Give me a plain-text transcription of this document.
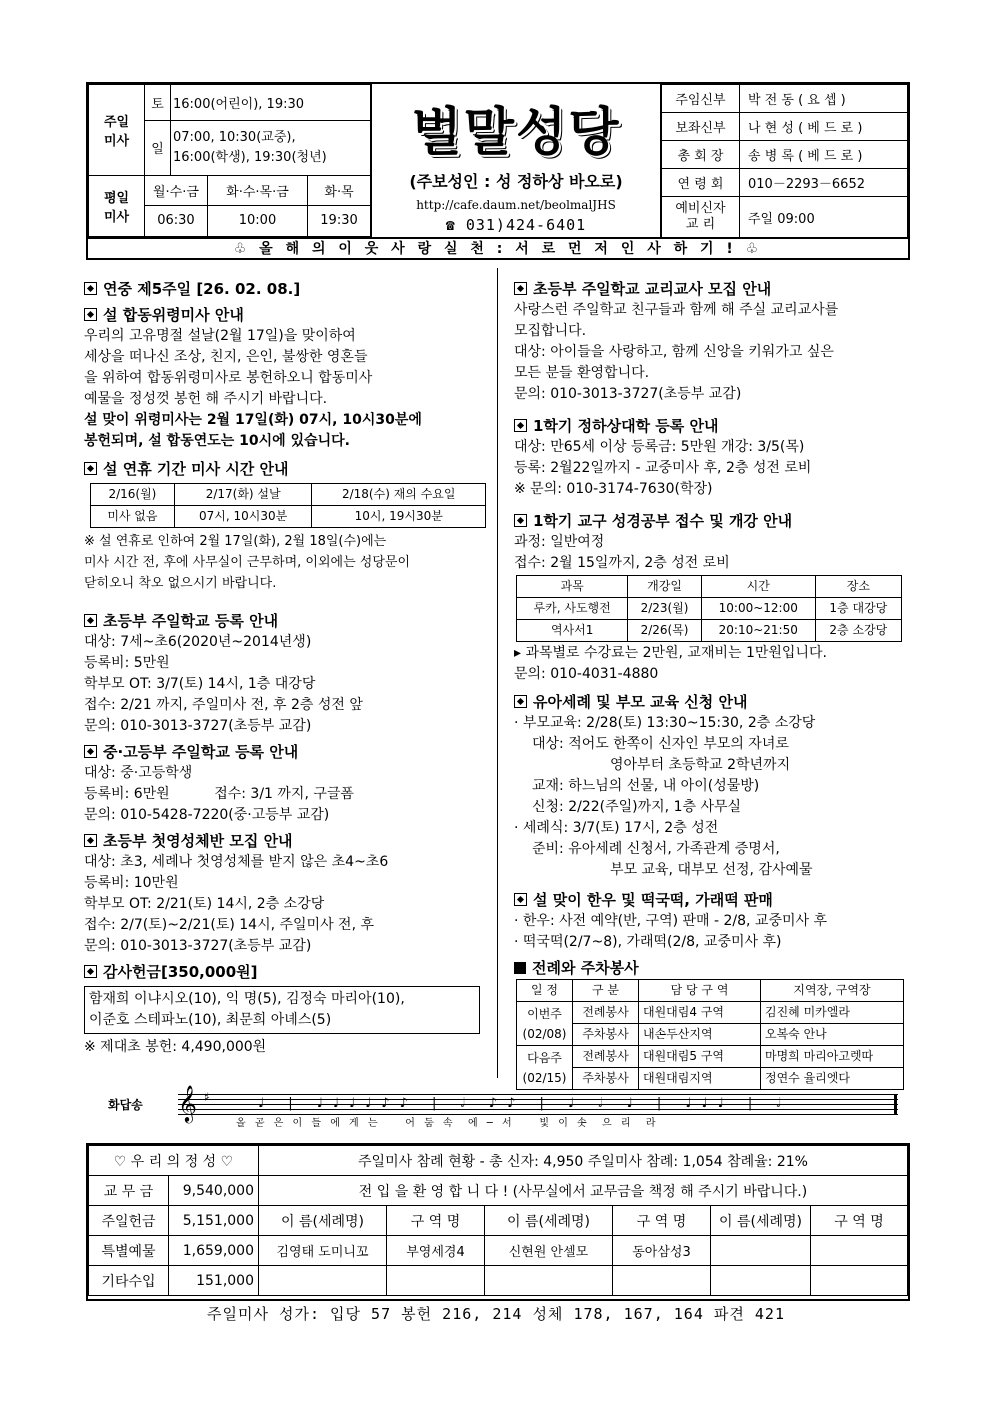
주일
미사	토	16:00(어린이), 19:30		
	일	07:00, 10:30(교중),
16:00(학생), 19:30(청년)		

평일
미사	월·수·금		화·수·목·금	화·목
	06:30		10:00	19:30
벌말성당
(주보성인 : 성 정하상 바오로)
http://cafe.daum.net/beolmalJHS
☎ 031)424-6401
주임신부	박 전 동 ( 요 셉 )
보좌신부	나 현 성 ( 베 드 로 )
총 회 장	송 병 록 ( 베 드 로 )
연 령 회	010－2293－6652
예비신자
교 리	주일 09:00
♧ 올 해 의 이 웃 사 랑 실 천 : 서 로 먼 저 인 사 하 기 ! ♧
연중 제5주일 [26. 02. 08.]
설 합동위령미사 안내
우리의 고유명절 설날(2월 17일)을 맞이하여
세상을 떠나신 조상, 친지, 은인, 불쌍한 영혼들
을 위하여 합동위령미사로 봉헌하오니 합동미사
예물을 정성껏 봉헌 해 주시기 바랍니다.
설 맞이 위령미사는 2월 17일(화) 07시, 10시30분에
봉헌되며, 설 합동연도는 10시에 있습니다.
설 연휴 기간 미사 시간 안내
2/16(월)	2/17(화) 설날	2/18(수) 재의 수요일
미사 없음	07시, 10시30분	10시, 19시30분
※ 설 연휴로 인하여 2월 17일(화), 2월 18일(수)에는
미사 시간 전, 후에 사무실이 근무하며, 이외에는 성당문이
닫히오니 착오 없으시기 바랍니다.
초등부 주일학교 등록 안내
대상: 7세~초6(2020년~2014년생)
등록비: 5만원
학부모 OT: 3/7(토) 14시, 1층 대강당
접수: 2/21 까지, 주일미사 전, 후 2층 성전 앞
문의: 010-3013-3727(초등부 교감)
중·고등부 주일학교 등록 안내
대상: 중·고등학생
등록비: 6만원          접수: 3/1 까지, 구글폼
문의: 010-5428-7220(중·고등부 교감)
초등부 첫영성체반 모집 안내
대상: 초3, 세례나 첫영성체를 받지 않은 초4~초6
등록비: 10만원
학부모 OT: 2/21(토) 14시, 2층 소강당
접수: 2/7(토)~2/21(토) 14시, 주일미사 전, 후
문의: 010-3013-3727(초등부 교감)
감사헌금[350,000원]
함재희 이냐시오(10), 익 명(5), 김정숙 마리아(10),
이준호 스테파노(10), 최문희 아녜스(5)
※ 제대초 봉헌: 4,490,000원
초등부 주일학교 교리교사 모집 안내
사랑스런 주일학교 친구들과 함께 해 주실 교리교사를
모집합니다.
대상: 아이들을 사랑하고, 함께 신앙을 키워가고 싶은
모든 분들 환영합니다.
문의: 010-3013-3727(초등부 교감)
1학기 정하상대학 등록 안내
대상: 만65세 이상 등록금: 5만원 개강: 3/5(목)
등록: 2월22일까지 - 교중미사 후, 2층 성전 로비
※ 문의: 010-3174-7630(학장)
1학기 교구 성경공부 접수 및 개강 안내
과정: 일반여정
접수: 2월 15일까지, 2층 성전 로비
과목	개강일	시간	장소
루카, 사도행전	2/23(월)	10:00~12:00	1층 대강당
역사서1	2/26(목)	20:10~21:50	2층 소강당
▸ 과목별로 수강료는 2만원, 교재비는 1만원입니다.
문의: 010-4031-4880
유아세례 및 부모 교육 신청 안내
· 부모교육: 2/28(토) 13:30~15:30, 2층 소강당
대상: 적어도 한쪽이 신자인 부모의 자녀로
영아부터 초등학교 2학년까지
교재: 하느님의 선물, 내 아이(성물방)
신청: 2/22(주일)까지, 1층 사무실
· 세례식: 3/7(토) 17시, 2층 성전
준비: 유아세례 신청서, 가족관계 증명서,
부모 교육, 대부모 선정, 감사예물
설 맞이 한우 및 떡국떡, 가래떡 판매
· 한우: 사전 예약(반, 구역) 판매 - 2/8, 교중미사 후
· 떡국떡(2/7~8), 가래떡(2/8, 교중미사 후)
전례와 주차봉사
일 정	구 분	담 당 구 역	지역장, 구역장
이번주
(02/08)	전례봉사	대원대림4 구역	김진혜 미카엘라
	주차봉사	내손두산지역	오복숙 안나
다음주
(02/15)	전례봉사	대원대림5 구역	마명희 마리아고렛따
	주차봉사	대원대림지역	정연수 율리엣다
화답송 𝄞 ♯
올 곧 은 이 들 에 게 는    어 둠 속  에 ─ 서    빛 이 솟  으 리  라
♩ | ♩♩♩♩♪♪ | 𝅗𝅥 ♪♪ | ♩ 𝅗𝅥 ♩ | ♩♩♩ | 𝅗𝅥
♡ 우 리 의 정 성 ♡		주일미사 참례 현황 - 총 신자: 4,950 주일미사 참례: 1,054 참례율: 21%					
교 무 금	9,540,000	전 입 을 환 영 합 니 다 ! (사무실에서 교무금을 책정 해 주시기 바랍니다.)					
주일헌금	5,151,000	이 름(세례명)	구 역 명	이 름(세례명)	구 역 명	이 름(세례명)	구 역 명
특별예물	1,659,000	김영태 도미니꼬	부영세경4	신현원 안셀모	동아삼성3		
기타수입	151,000						
주일미사 성가: 입당 57 봉헌 216, 214 성체 178, 167, 164 파견 421
